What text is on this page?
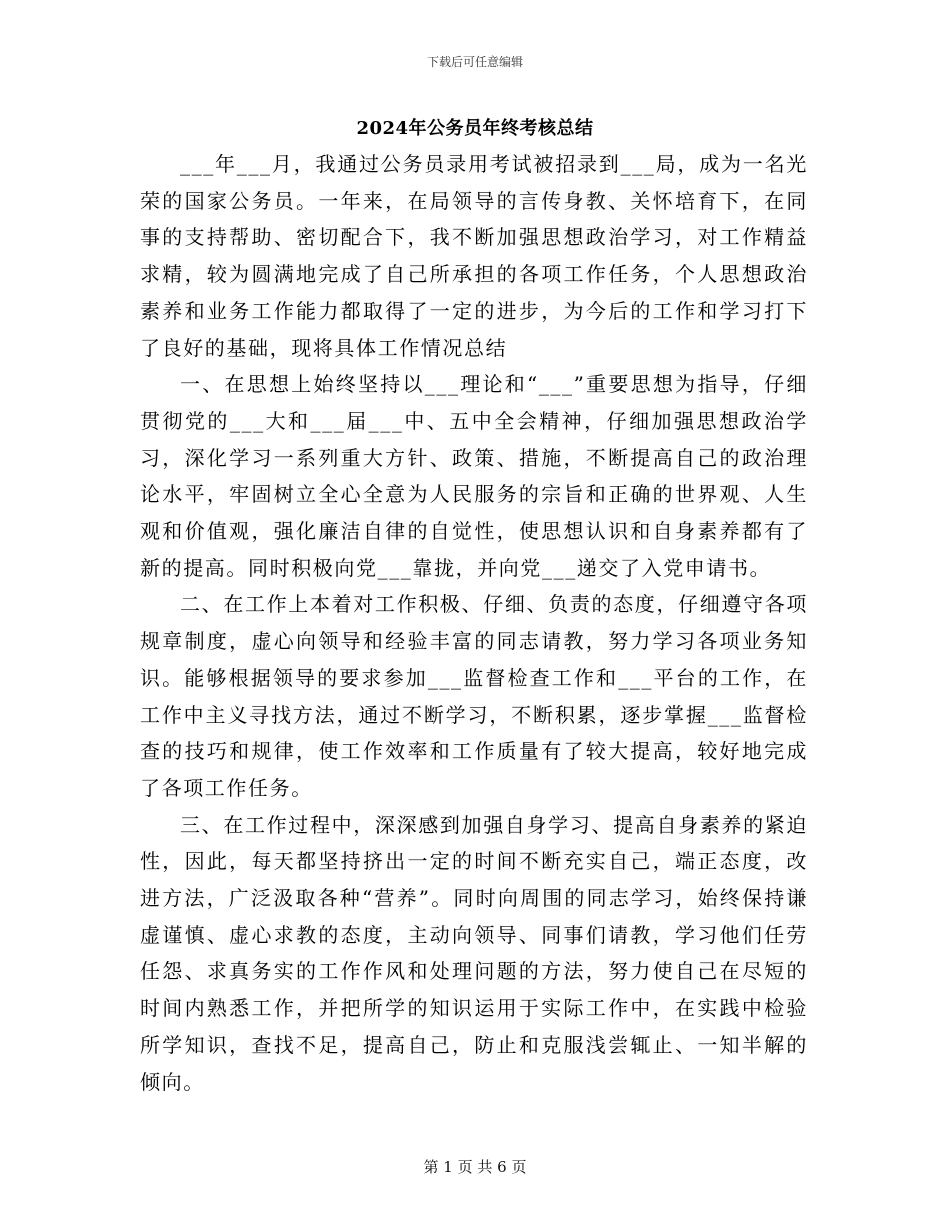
下载后可任意编辑
2024年公务员年终考核总结

___年___月，我通过公务员录用考试被招录到___局，成为一名光荣的国家公务员。一年来，在局领导的言传身教、关怀培育下，在同事的支持帮助、密切配合下，我不断加强思想政治学习，对工作精益求精，较为圆满地完成了自己所承担的各项工作任务，个人思想政治素养和业务工作能力都取得了一定的进步，为今后的工作和学习打下了良好的基础，现将具体工作情况总结

一、在思想上始终坚持以___理论和“___”重要思想为指导，仔细贯彻党的___大和___届___中、五中全会精神，仔细加强思想政治学习，深化学习一系列重大方针、政策、措施，不断提高自己的政治理论水平，牢固树立全心全意为人民服务的宗旨和正确的世界观、人生观和价值观，强化廉洁自律的自觉性，使思想认识和自身素养都有了新的提高。同时积极向党___靠拢，并向党___递交了入党申请书。

二、在工作上本着对工作积极、仔细、负责的态度，仔细遵守各项规章制度，虚心向领导和经验丰富的同志请教，努力学习各项业务知识。能够根据领导的要求参加___监督检查工作和___平台的工作，在工作中主义寻找方法，通过不断学习，不断积累，逐步掌握___监督检查的技巧和规律，使工作效率和工作质量有了较大提高，较好地完成了各项工作任务。

三、在工作过程中，深深感到加强自身学习、提高自身素养的紧迫性，因此，每天都坚持挤出一定的时间不断充实自己，端正态度，改进方法，广泛汲取各种“营养”。同时向周围的同志学习，始终保持谦虚谨慎、虚心求教的态度，主动向领导、同事们请教，学习他们任劳任怨、求真务实的工作作风和处理问题的方法，努力使自己在尽短的时间内熟悉工作，并把所学的知识运用于实际工作中，在实践中检验所学知识，查找不足，提高自己，防止和克服浅尝辄止、一知半解的倾向。

第 1 页 共 6 页
